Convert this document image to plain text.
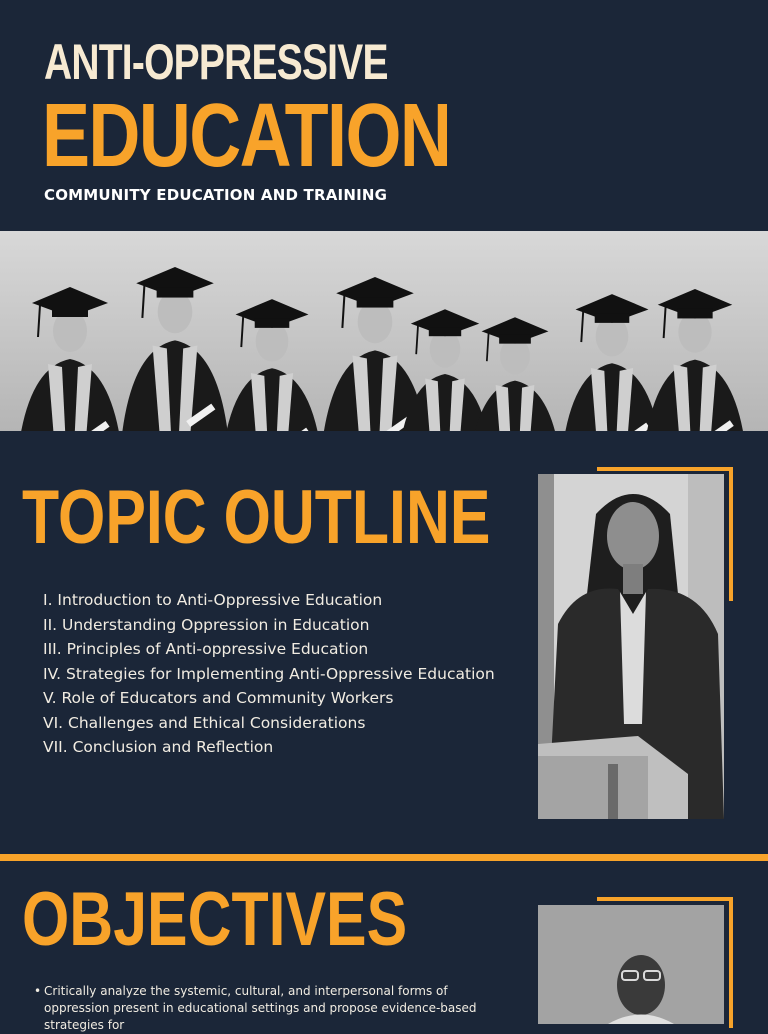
ANTI-OPPRESSIVE
EDUCATION
COMMUNITY EDUCATION AND TRAINING
TOPIC OUTLINE
I. Introduction to Anti-Oppressive Education
II. Understanding Oppression in Education
III. Principles of Anti-oppressive Education
IV. Strategies for Implementing Anti-Oppressive Education
V. Role of Educators and Community Workers
VI. Challenges and Ethical Considerations
VII. Conclusion and Reflection
OBJECTIVES
• Critically analyze the systemic, cultural, and interpersonal forms of oppression present in educational settings and propose evidence-based strategies for
